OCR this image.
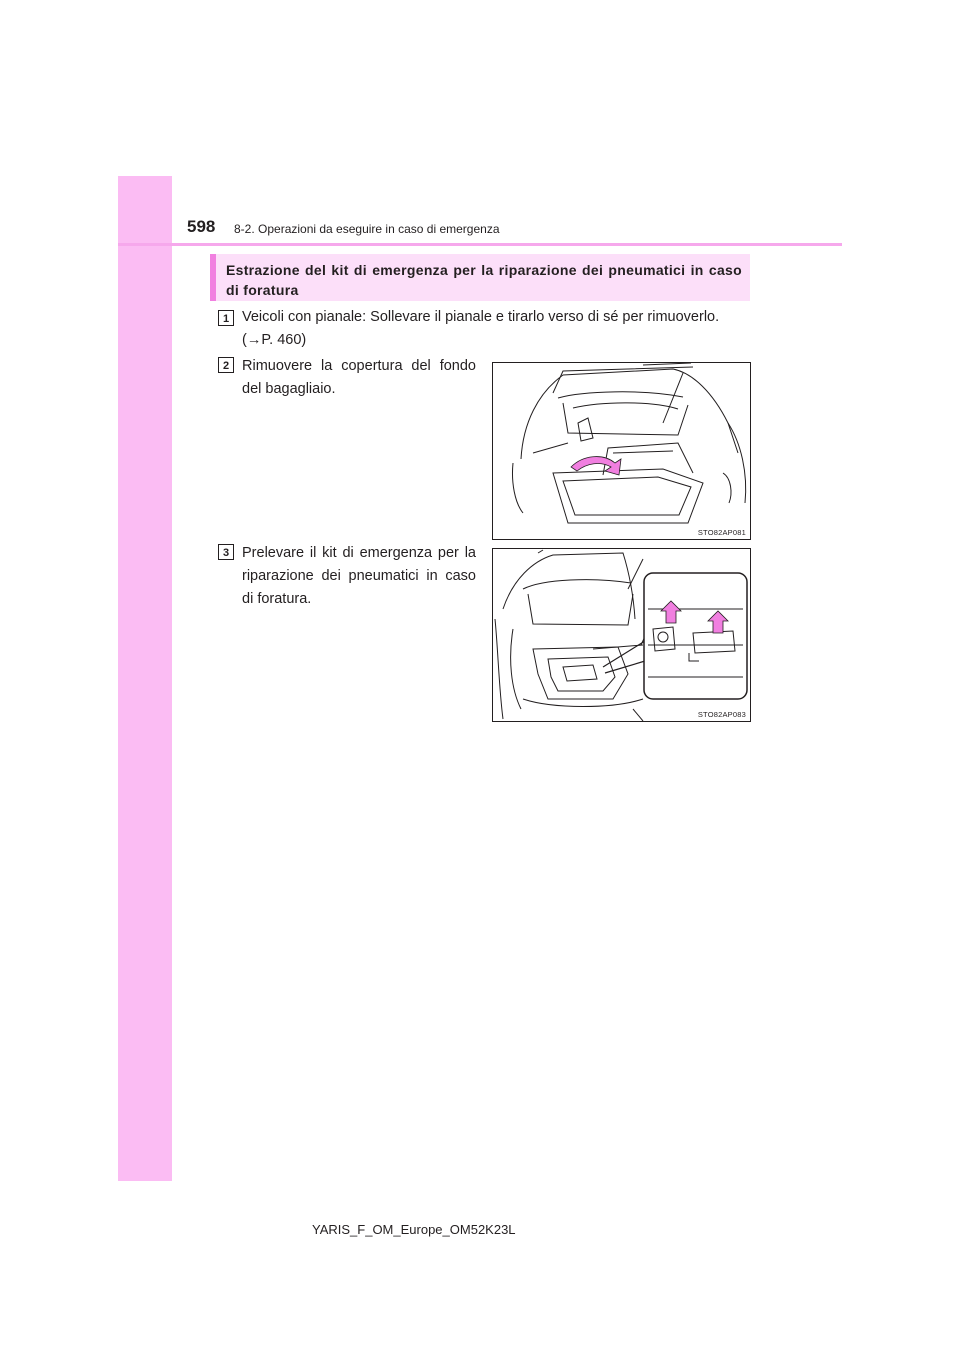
598 8-2. Operazioni da eseguire in caso di emergenza
Estrazione del kit di emergenza per la riparazione dei pneumatici in caso di foratura
1 Veicoli con pianale: Sollevare il pianale e tirarlo verso di sé per rimuoverlo.
(→P. 460)
2 Rimuovere la copertura del fondo
del bagagliaio.
STO82AP081
3 Prelevare il kit di emergenza per la
riparazione dei pneumatici in caso
di foratura.
STO82AP083
YARIS_F_OM_Europe_OM52K23L
